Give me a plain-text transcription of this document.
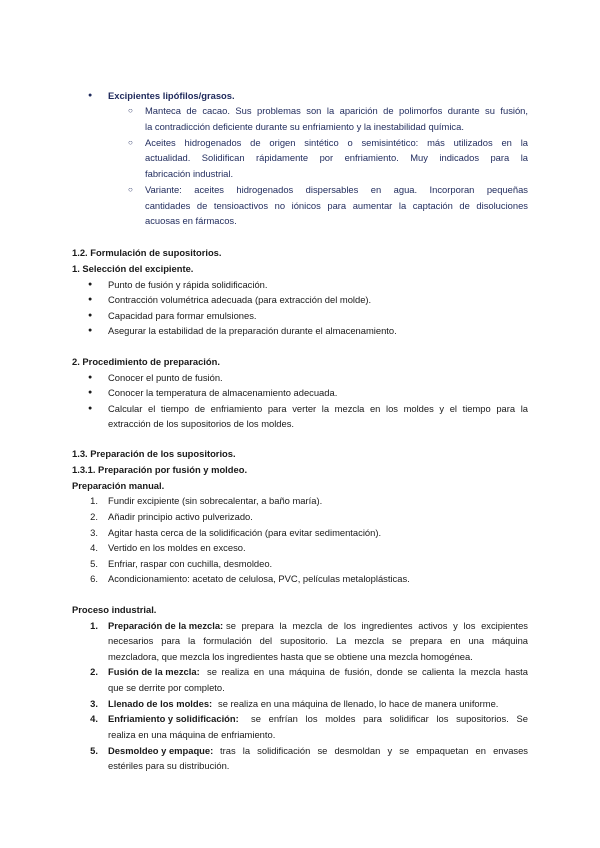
● Excipientes lipófilos/grasos.
○ Manteca de cacao. Sus problemas son la aparición de polimorfos durante su fusión,
la contradicción deficiente durante su enfriamiento y la inestabilidad química.
○ Aceites hidrogenados de origen sintético o semisintético: más utilizados en la
actualidad. Solidifican rápidamente por enfriamiento. Muy indicados para la
fabricación industrial.
○ Variante: aceites hidrogenados dispersables en agua. Incorporan pequeñas
cantidades de tensioactivos no iónicos para aumentar la captación de disoluciones
acuosas en fármacos.
1.2. Formulación de supositorios.
1. Selección del excipiente.
● Punto de fusión y rápida solidificación.
● Contracción volumétrica adecuada (para extracción del molde).
● Capacidad para formar emulsiones.
● Asegurar la estabilidad de la preparación durante el almacenamiento.
2. Procedimiento de preparación.
● Conocer el punto de fusión.
● Conocer la temperatura de almacenamiento adecuada.
● Calcular el tiempo de enfriamiento para verter la mezcla en los moldes y el tiempo para la
extracción de los supositorios de los moldes.
1.3. Preparación de los supositorios.
1.3.1. Preparación por fusión y moldeo.
Preparación manual.
1. Fundir excipiente (sin sobrecalentar, a baño maría).
2. Añadir principio activo pulverizado.
3. Agitar hasta cerca de la solidificación (para evitar sedimentación).
4. Vertido en los moldes en exceso.
5. Enfriar, raspar con cuchilla, desmoldeo.
6. Acondicionamiento: acetato de celulosa, PVC, películas metaloplásticas.
Proceso industrial.
1. Preparación de la mezcla: se prepara la mezcla de los ingredientes activos y los excipientes
necesarios para la formulación del supositorio. La mezcla se prepara en una máquina
mezcladora, que mezcla los ingredientes hasta que se obtiene una mezcla homogénea.
2. Fusión de la mezcla: se realiza en una máquina de fusión, donde se calienta la mezcla hasta
que se derrite por completo.
3. Llenado de los moldes: se realiza en una máquina de llenado, lo hace de manera uniforme.
4. Enfriamiento y solidificación: se enfrían los moldes para solidificar los supositorios. Se
realiza en una máquina de enfriamiento.
5. Desmoldeo y empaque: tras la solidificación se desmoldan y se empaquetan en envases
estériles para su distribución.
